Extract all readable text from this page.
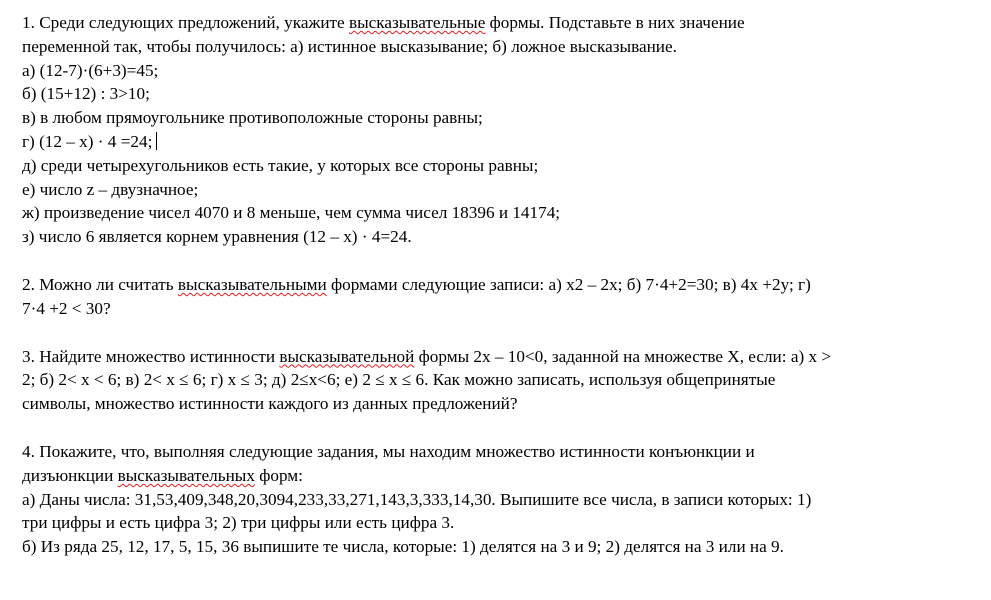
1. Среди следующих предложений, укажите высказывательные формы. Подставьте в них значение
переменной так, чтобы получилось: а) истинное высказывание; б) ложное высказывание.
а) (12-7)·(6+3)=45;
б) (15+12) : 3>10;
в) в любом прямоугольнике противоположные стороны равны;
г) (12 – х) · 4 =24;
д) среди четырехугольников есть такие, у которых все стороны равны;
е) число z – двузначное;
ж) произведение чисел 4070 и 8 меньше, чем сумма чисел 18396 и 14174;
з) число 6 является корнем уравнения (12 – х) · 4=24.
2. Можно ли считать высказывательными формами следующие записи: а) х2 – 2х; б) 7·4+2=30; в) 4х +2у; г)
7·4 +2 < 30?
3. Найдите множество истинности высказывательной формы 2х – 10<0, заданной на множестве Х, если: а) х >
2; б) 2< х < 6; в) 2< х ≤ 6; г) х ≤ 3; д) 2≤х<6; е) 2 ≤ х ≤ 6. Как можно записать, используя общепринятые
символы, множество истинности каждого из данных предложений?
4. Покажите, что, выполняя следующие задания, мы находим множество истинности конъюнкции и
дизъюнкции высказывательных форм:
а) Даны числа: 31,53,409,348,20,3094,233,33,271,143,3,333,14,30. Выпишите все числа, в записи которых: 1)
три цифры и есть цифра 3; 2) три цифры или есть цифра 3.
б) Из ряда 25, 12, 17, 5, 15, 36 выпишите те числа, которые: 1) делятся на 3 и 9; 2) делятся на 3 или на 9.
